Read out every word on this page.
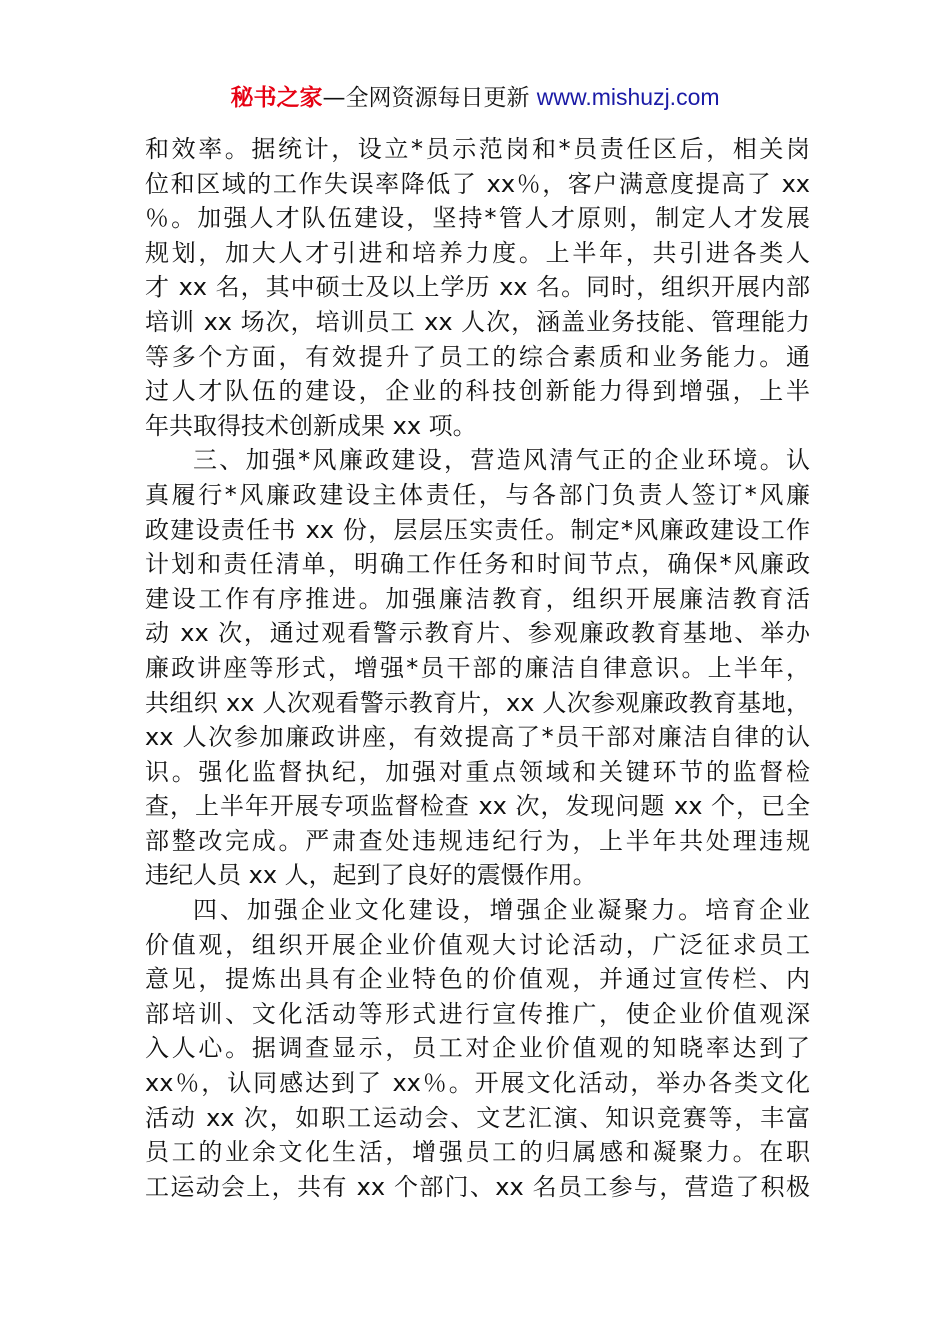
秘书之家—全网资源每日更新 www.mishuzj.com
和效率。据统计，设立*员示范岗和*员责任区后，相关岗
位和区域的工作失误率降低了 xx％，客户满意度提高了 xx
％。加强人才队伍建设，坚持*管人才原则，制定人才发展
规划，加大人才引进和培养力度。上半年，共引进各类人
才 xx 名，其中硕士及以上学历 xx 名。同时，组织开展内部
培训 xx 场次，培训员工 xx 人次，涵盖业务技能、管理能力
等多个方面，有效提升了员工的综合素质和业务能力。通
过人才队伍的建设，企业的科技创新能力得到增强，上半
年共取得技术创新成果 xx 项。
三、加强*风廉政建设，营造风清气正的企业环境。认
真履行*风廉政建设主体责任，与各部门负责人签订*风廉
政建设责任书 xx 份，层层压实责任。制定*风廉政建设工作
计划和责任清单，明确工作任务和时间节点，确保*风廉政
建设工作有序推进。加强廉洁教育，组织开展廉洁教育活
动 xx 次，通过观看警示教育片、参观廉政教育基地、举办
廉政讲座等形式，增强*员干部的廉洁自律意识。上半年，
共组织 xx 人次观看警示教育片，xx 人次参观廉政教育基地，
xx 人次参加廉政讲座，有效提高了*员干部对廉洁自律的认
识。强化监督执纪，加强对重点领域和关键环节的监督检
查，上半年开展专项监督检查 xx 次，发现问题 xx 个，已全
部整改完成。严肃查处违规违纪行为，上半年共处理违规
违纪人员 xx 人，起到了良好的震慑作用。
四、加强企业文化建设，增强企业凝聚力。培育企业
价值观，组织开展企业价值观大讨论活动，广泛征求员工
意见，提炼出具有企业特色的价值观，并通过宣传栏、内
部培训、文化活动等形式进行宣传推广，使企业价值观深
入人心。据调查显示，员工对企业价值观的知晓率达到了
xx％，认同感达到了 xx％。开展文化活动，举办各类文化
活动 xx 次，如职工运动会、文艺汇演、知识竞赛等，丰富
员工的业余文化生活，增强员工的归属感和凝聚力。在职
工运动会上，共有 xx 个部门、xx 名员工参与，营造了积极
